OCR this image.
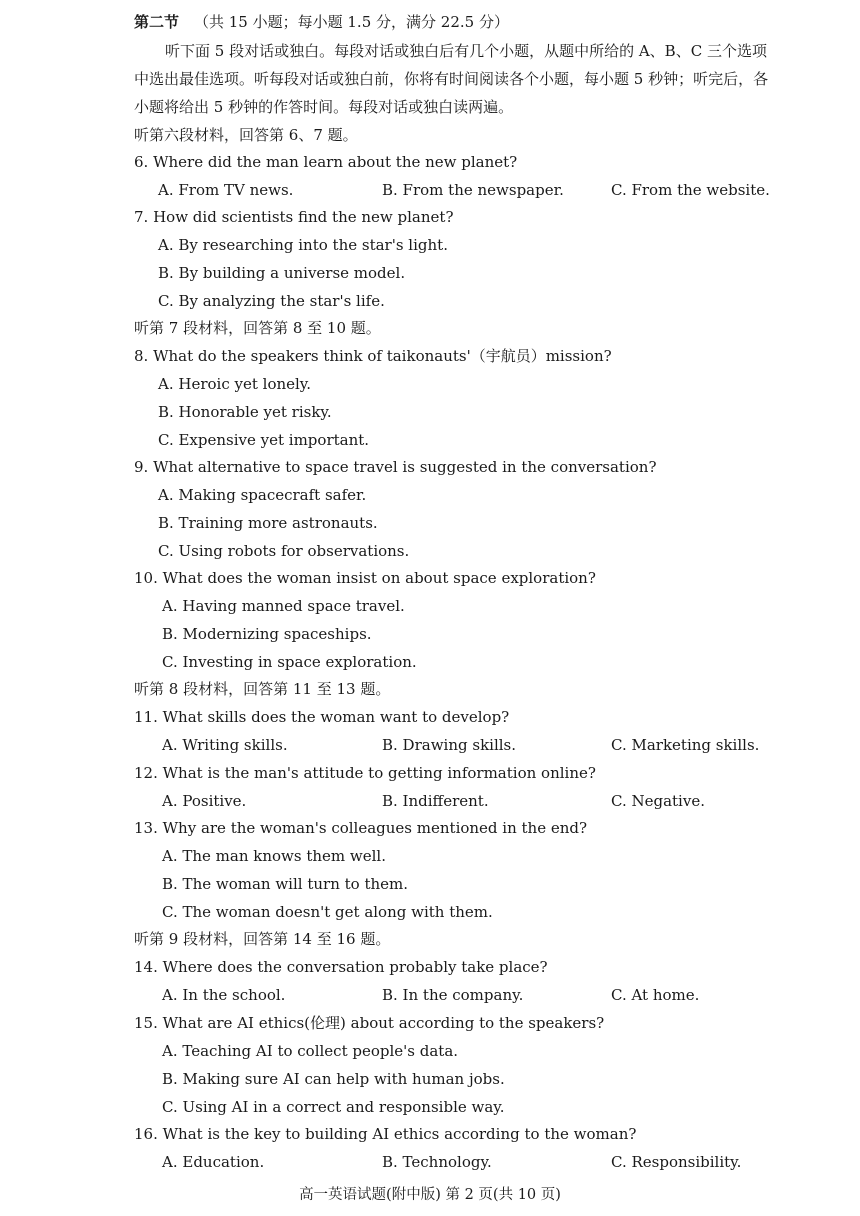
第二节 （共 15 小题；每小题 1.5 分，满分 22.5 分）
听下面 5 段对话或独白。每段对话或独白后有几个小题，从题中所给的 A、B、C 三个选项
中选出最佳选项。听每段对话或独白前，你将有时间阅读各个小题，每小题 5 秒钟；听完后，各
小题将给出 5 秒钟的作答时间。每段对话或独白读两遍。
听第六段材料，回答第 6、7 题。
6. Where did the man learn about the new planet?
A. From TV news.	B. From the newspaper.	C. From the website.
7. How did scientists find the new planet?
A. By researching into the star's light.
B. By building a universe model.
C. By analyzing the star's life.
听第 7 段材料，回答第 8 至 10 题。
8. What do the speakers think of taikonauts'（宇航员）mission?
A. Heroic yet lonely.
B. Honorable yet risky.
C. Expensive yet important.
9. What alternative to space travel is suggested in the conversation?
A. Making spacecraft safer.
B. Training more astronauts.
C. Using robots for observations.
10. What does the woman insist on about space exploration?
A. Having manned space travel.
B. Modernizing spaceships.
C. Investing in space exploration.
听第 8 段材料，回答第 11 至 13 题。
11. What skills does the woman want to develop?
A. Writing skills.	B. Drawing skills.	C. Marketing skills.
12. What is the man's attitude to getting information online?
A. Positive.	B. Indifferent.	C. Negative.
13. Why are the woman's colleagues mentioned in the end?
A. The man knows them well.
B. The woman will turn to them.
C. The woman doesn't get along with them.
听第 9 段材料，回答第 14 至 16 题。
14. Where does the conversation probably take place?
A. In the school.	B. In the company.	C. At home.
15. What are AI ethics(伦理) about according to the speakers?
A. Teaching AI to collect people's data.
B. Making sure AI can help with human jobs.
C. Using AI in a correct and responsible way.
16. What is the key to building AI ethics according to the woman?
A. Education.	B. Technology.	C. Responsibility.
高一英语试题(附中版) 第 2 页(共 10 页)
